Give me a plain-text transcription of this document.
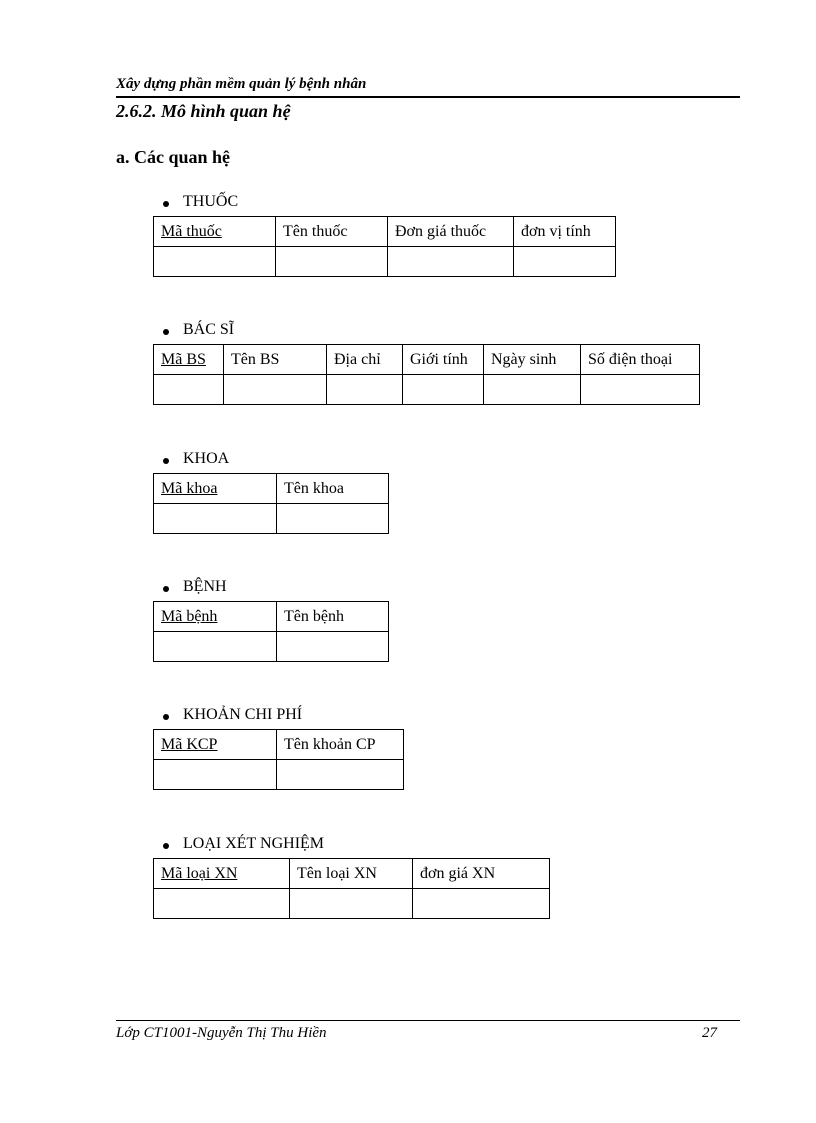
Xây dựng phần mềm quản lý bệnh nhân
2.6.2. Mô hình quan hệ
a. Các quan hệ
THUỐC
Mã thuốc	Tên thuốc	Đơn giá thuốc	đơn vị tính

BÁC SĨ
Mã BS	Tên BS	Địa chỉ	Giới tính	Ngày sinh	Số điện thoại

KHOA
Mã khoa	Tên khoa

BỆNH
Mã bệnh	Tên bệnh

KHOẢN CHI PHÍ
Mã KCP	Tên khoản CP

LOẠI XÉT NGHIỆM
Mã loại XN	Tên loại XN	đơn giá XN

Lớp CT1001-Nguyễn Thị Thu Hiền	27
